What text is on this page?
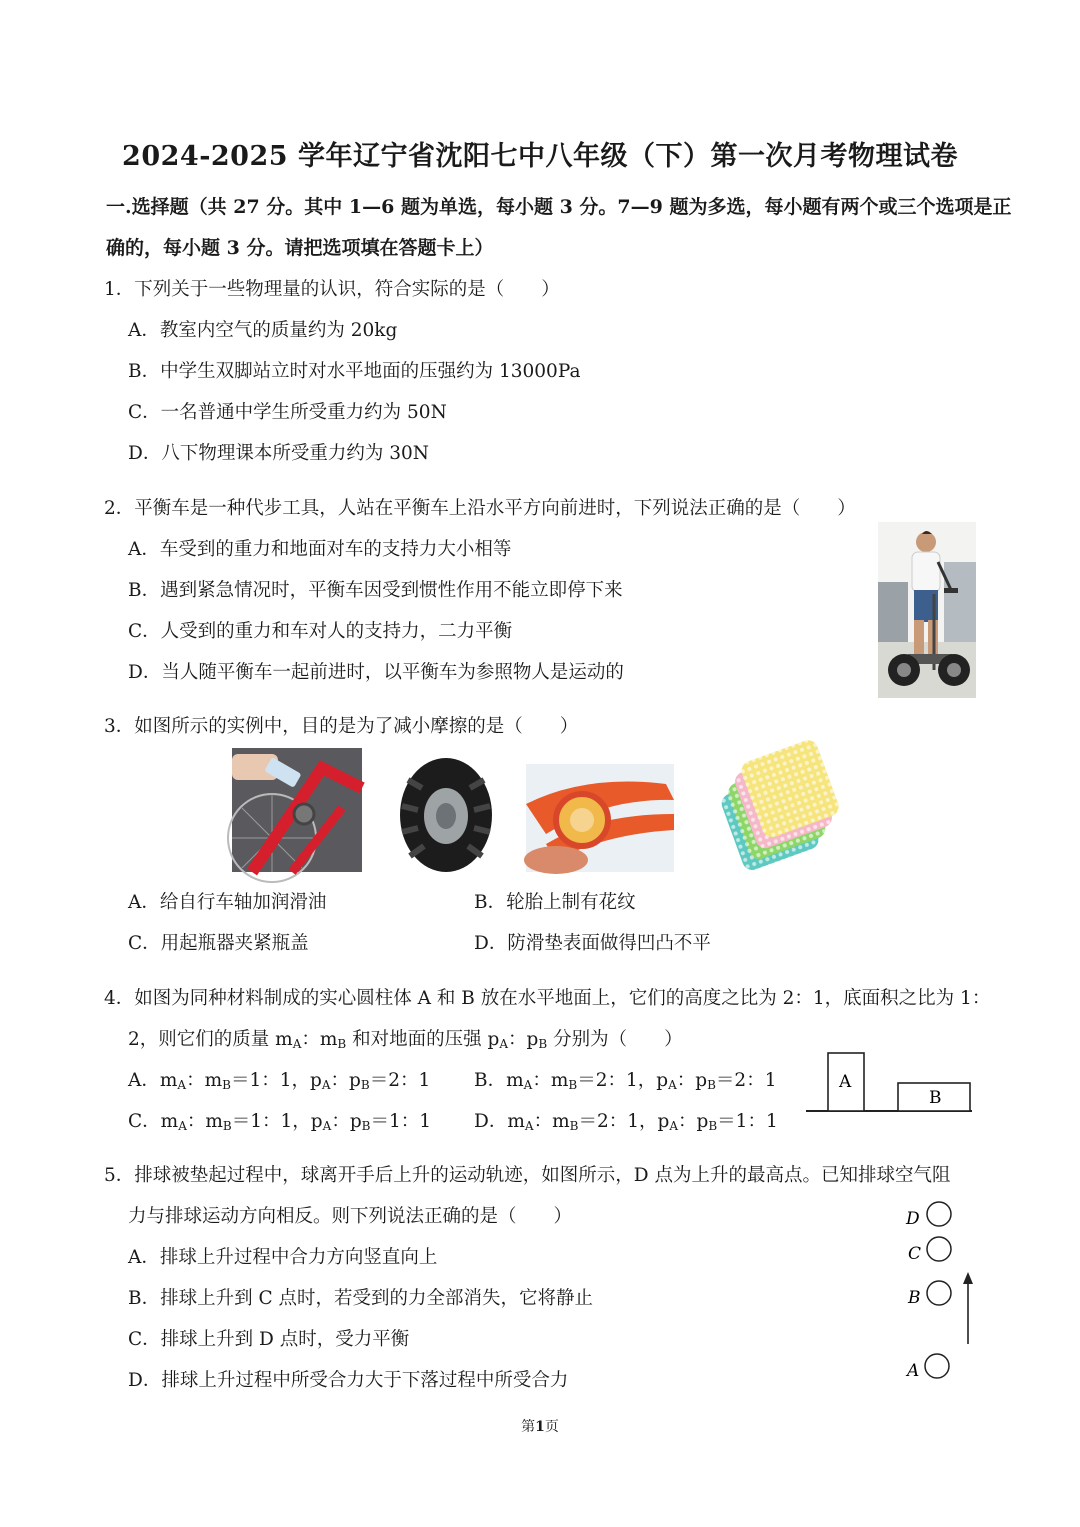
2024-2025 学年辽宁省沈阳七中八年级（下）第一次月考物理试卷
一.选择题（共 27 分。其中 1—6 题为单选，每小题 3 分。7—9 题为多选，每小题有两个或三个选项是正
确的，每小题 3 分。请把选项填在答题卡上）
1．下列关于一些物理量的认识，符合实际的是（　　）
A．教室内空气的质量约为 20kg
B．中学生双脚站立时对水平地面的压强约为 13000Pa
C．一名普通中学生所受重力约为 50N
D．八下物理课本所受重力约为 30N
2．平衡车是一种代步工具，人站在平衡车上沿水平方向前进时，下列说法正确的是（　　）
A．车受到的重力和地面对车的支持力大小相等
B．遇到紧急情况时，平衡车因受到惯性作用不能立即停下来
C．人受到的重力和车对人的支持力，二力平衡
D．当人随平衡车一起前进时，以平衡车为参照物人是运动的
3．如图所示的实例中，目的是为了减小摩擦的是（　　）
A．给自行车轴加润滑油	B．轮胎上制有花纹
C．用起瓶器夹紧瓶盖	D．防滑垫表面做得凹凸不平
4．如图为同种材料制成的实心圆柱体 A 和 B 放在水平地面上，它们的高度之比为 2：1，底面积之比为 1：
2，则它们的质量 $m_A$：$m_B$ 和对地面的压强 $p_A$：$p_B$ 分别为（　　）
A．$m_A$：$m_B=1$：1，$p_A$：$p_B=2$：1 B．$m_A$：$m_B=2$：1，$p_A$：$p_B=2$：1
C．$m_A$：$m_B=1$：1，$p_A$：$p_B=1$：1 D．$m_A$：$m_B=2$：1，$p_A$：$p_B=1$：1
A
B
5．排球被垫起过程中，球离开手后上升的运动轨迹，如图所示，D 点为上升的最高点。已知排球空气阻
力与排球运动方向相反。则下列说法正确的是（　　）
A．排球上升过程中合力方向竖直向上
B．排球上升到 C 点时，若受到的力全部消失，它将静止
C．排球上升到 D 点时，受力平衡
D．排球上升过程中所受合力大于下落过程中所受合力
D
C
B
A
第1页
